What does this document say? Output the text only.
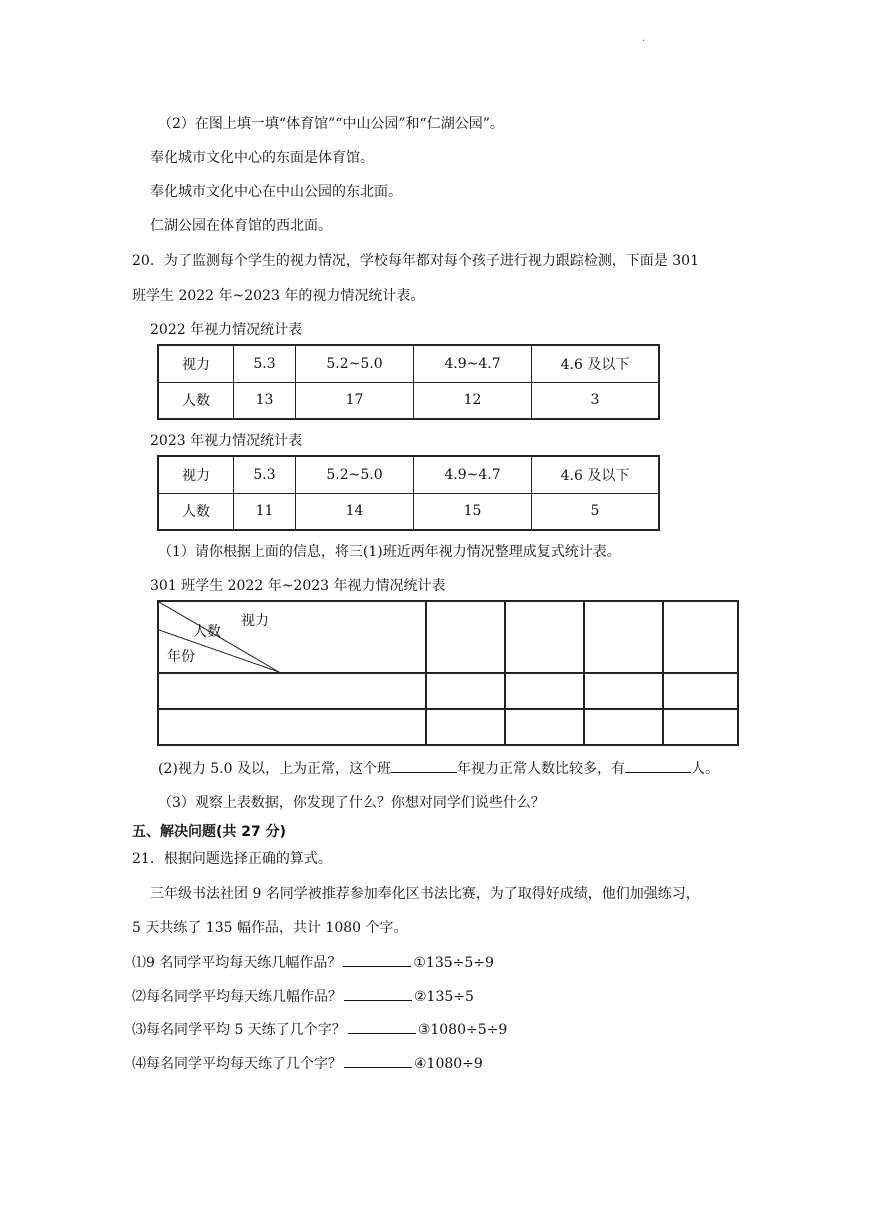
·
（2）在图上填一填“体育馆”“中山公园”和“仁湖公园”。
奉化城市文化中心的东面是体育馆。
奉化城市文化中心在中山公园的东北面。
仁湖公园在体育馆的西北面。
20．为了监测每个学生的视力情况，学校每年都对每个孩子进行视力跟踪检测，下面是 301
班学生 2022 年~2023 年的视力情况统计表。
2022 年视力情况统计表
视力	5.3	5.2~5.0	4.9~4.7	4.6 及以下
人数	13	17	12	3
2023 年视力情况统计表
视力	5.3	5.2~5.0	4.9~4.7	4.6 及以下
人数	11	14	15	5
（1）请你根据上面的信息，将三(1)班近两年视力情况整理成复式统计表。
301 班学生 2022 年~2023 年视力情况统计表
视力
人数
年份				

(2)视力 5.0 及以，上为正常，这个班	年视力正常人数比较多，有	人。
（3）观察上表数据，你发现了什么？你想对同学们说些什么？
五、解决问题(共 27 分)
21．根据问题选择正确的算式。
三年级书法社团 9 名同学被推荐参加奉化区书法比赛，为了取得好成绩，他们加强练习，
5 天共练了 135 幅作品，共计 1080 个字。
⑴9 名同学平均每天练几幅作品？	①135÷5÷9
⑵每名同学平均每天练几幅作品？	②135÷5
⑶每名同学平均 5 天练了几个字？	③1080÷5÷9
⑷每名同学平均每天练了几个字？	④1080÷9
